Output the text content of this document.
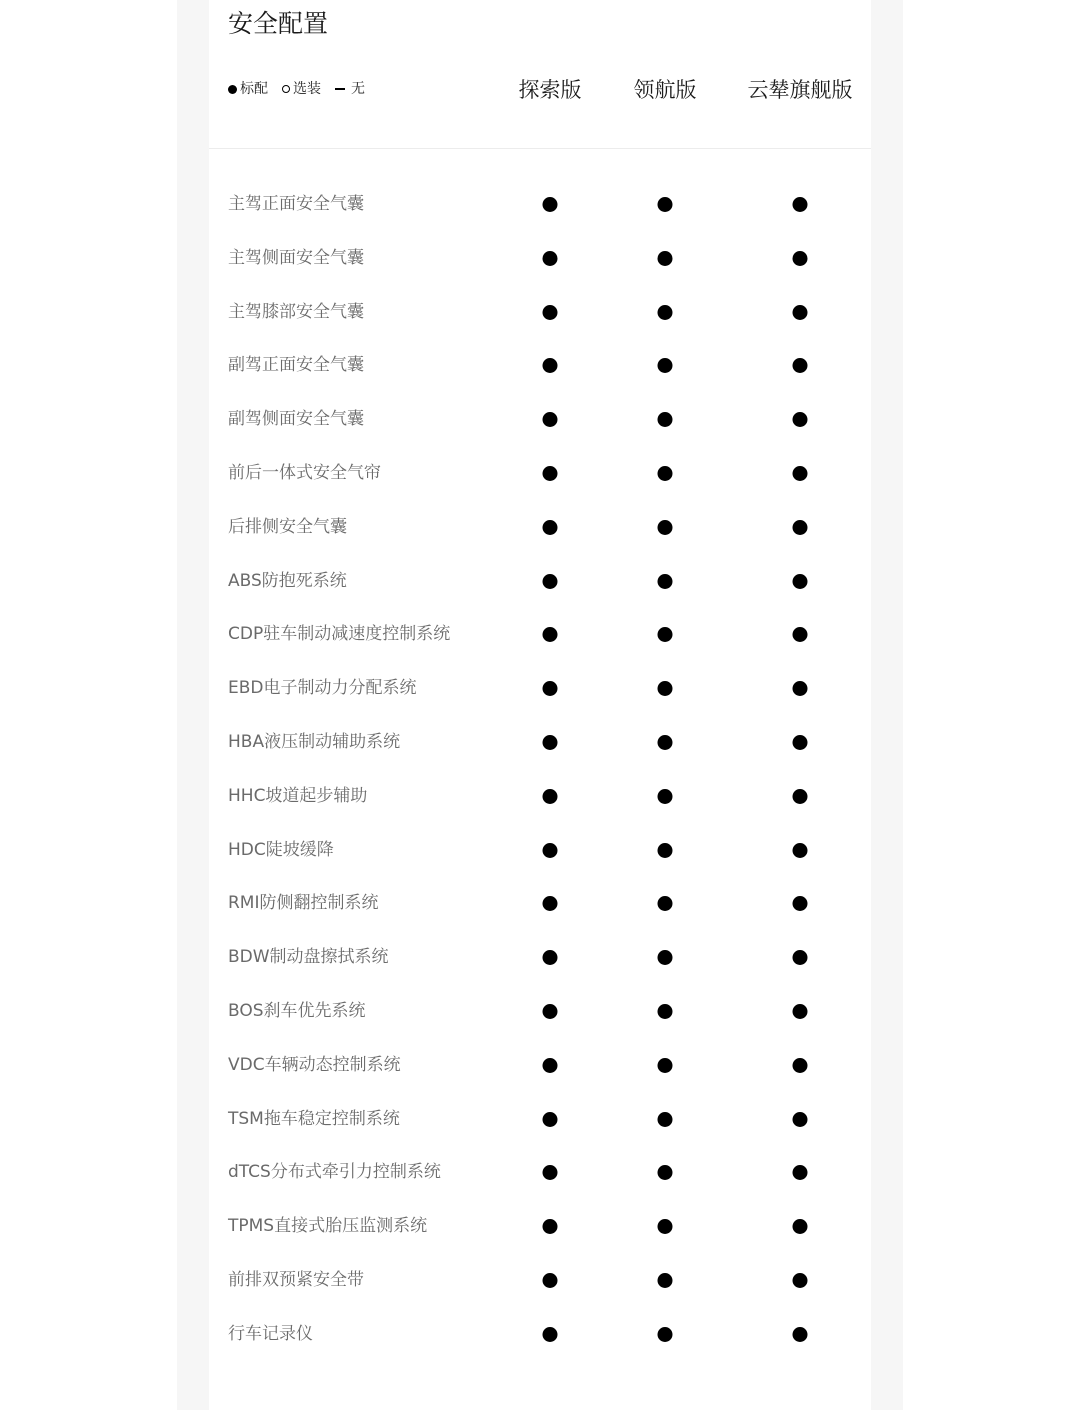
安全配置
标配 选装 无	探索版 领航版 云辇旗舰版
主驾正面安全气囊
主驾侧面安全气囊
主驾膝部安全气囊
副驾正面安全气囊
副驾侧面安全气囊
前后一体式安全气帘
后排侧安全气囊
ABS防抱死系统
CDP驻车制动减速度控制系统
EBD电子制动力分配系统
HBA液压制动辅助系统
HHC坡道起步辅助
HDC陡坡缓降
RMI防侧翻控制系统
BDW制动盘擦拭系统
BOS刹车优先系统
VDC车辆动态控制系统
TSM拖车稳定控制系统
dTCS分布式牵引力控制系统
TPMS直接式胎压监测系统
前排双预紧安全带
行车记录仪
